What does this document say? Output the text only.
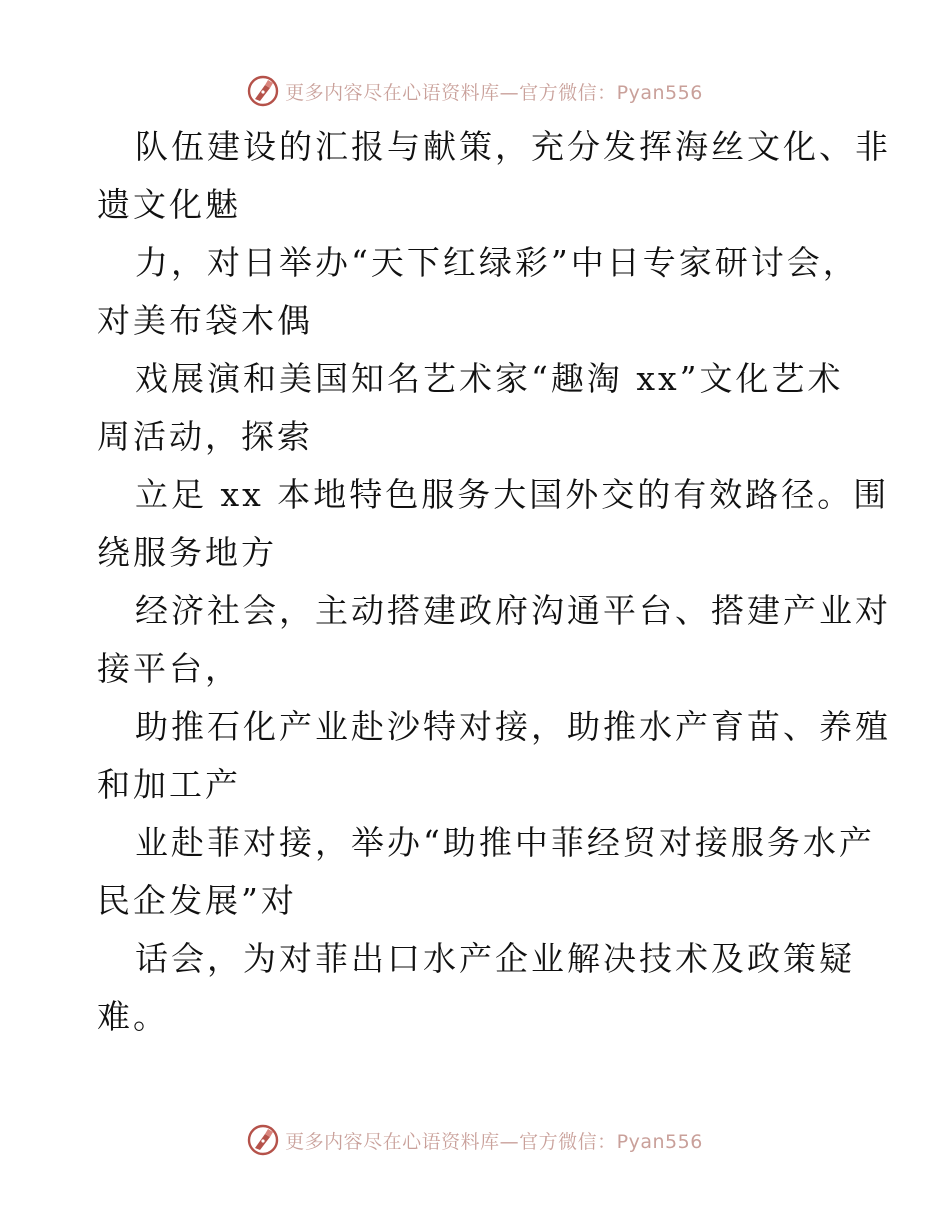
更多内容尽在心语资料库—官方微信：Pyan556
队伍建设的汇报与献策，充分发挥海丝文化、非
遗文化魅
力，对日举办“天下红绿彩”中日专家研讨会，
对美布袋木偶
戏展演和美国知名艺术家“趣淘 xx”文化艺术
周活动，探索
立足 xx 本地特色服务大国外交的有效路径。围
绕服务地方
经济社会，主动搭建政府沟通平台、搭建产业对
接平台，
助推石化产业赴沙特对接，助推水产育苗、养殖
和加工产
业赴菲对接，举办“助推中菲经贸对接服务水产
民企发展”对
话会，为对菲出口水产企业解决技术及政策疑
难。
更多内容尽在心语资料库—官方微信：Pyan556
